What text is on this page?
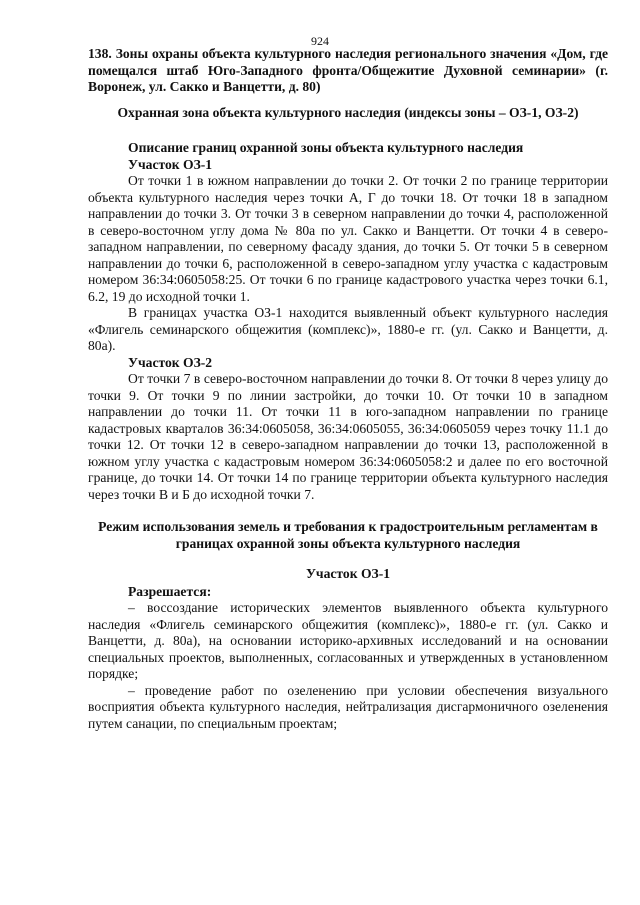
924
138. Зоны охраны объекта культурного наследия регионального значения «Дом, где помещался штаб Юго-Западного фронта/Общежитие Духовной семинарии» (г. Воронеж, ул. Сакко и Ванцетти, д. 80)
Охранная зона объекта культурного наследия (индексы зоны – ОЗ-1, ОЗ-2)
Описание границ охранной зоны объекта культурного наследия
Участок ОЗ-1

От точки 1 в южном направлении до точки 2. От точки 2 по границе территории объекта культурного наследия через точки А, Г до точки 18. От точки 18 в западном направлении до точки 3. От точки 3 в северном направлении до точки 4, расположенной в северо-восточном углу дома № 80а по ул. Сакко и Ванцетти. От точки 4 в северо-западном направлении, по северному фасаду здания, до точки 5. От точки 5 в северном направлении до точки 6, расположенной в северо-западном углу участка с кадастровым номером 36:34:0605058:25. От точки 6 по границе кадастрового участка через точки 6.1, 6.2, 19 до исходной точки 1.

В границах участка ОЗ-1 находится выявленный объект культурного наследия «Флигель семинарского общежития (комплекс)», 1880-е гг. (ул. Сакко и Ванцетти, д. 80а).

Участок ОЗ-2

От точки 7 в северо-восточном направлении до точки 8. От точки 8 через улицу до точки 9. От точки 9 по линии застройки, до точки 10. От точки 10 в западном направлении до точки 11. От точки 11 в юго-западном направлении по границе кадастровых кварталов 36:34:0605058, 36:34:0605055, 36:34:0605059 через точку 11.1 до точки 12. От точки 12 в северо-западном направлении до точки 13, расположенной в южном углу участка с кадастровым номером 36:34:0605058:2 и далее по его восточной границе, до точки 14. От точки 14 по границе территории объекта культурного наследия через точки В и Б до исходной точки 7.

Режим использования земель и требования к градостроительным регламентам в границах охранной зоны объекта культурного наследия
Участок ОЗ-1
Разрешается:

– воссоздание исторических элементов выявленного объекта культурного наследия «Флигель семинарского общежития (комплекс)», 1880-е гг. (ул. Сакко и Ванцетти, д. 80а), на основании историко-архивных исследований и на основании специальных проектов, выполненных, согласованных и утвержденных в установленном порядке;

– проведение работ по озеленению при условии обеспечения визуального восприятия объекта культурного наследия, нейтрализация дисгармоничного озеленения путем санации, по специальным проектам;
